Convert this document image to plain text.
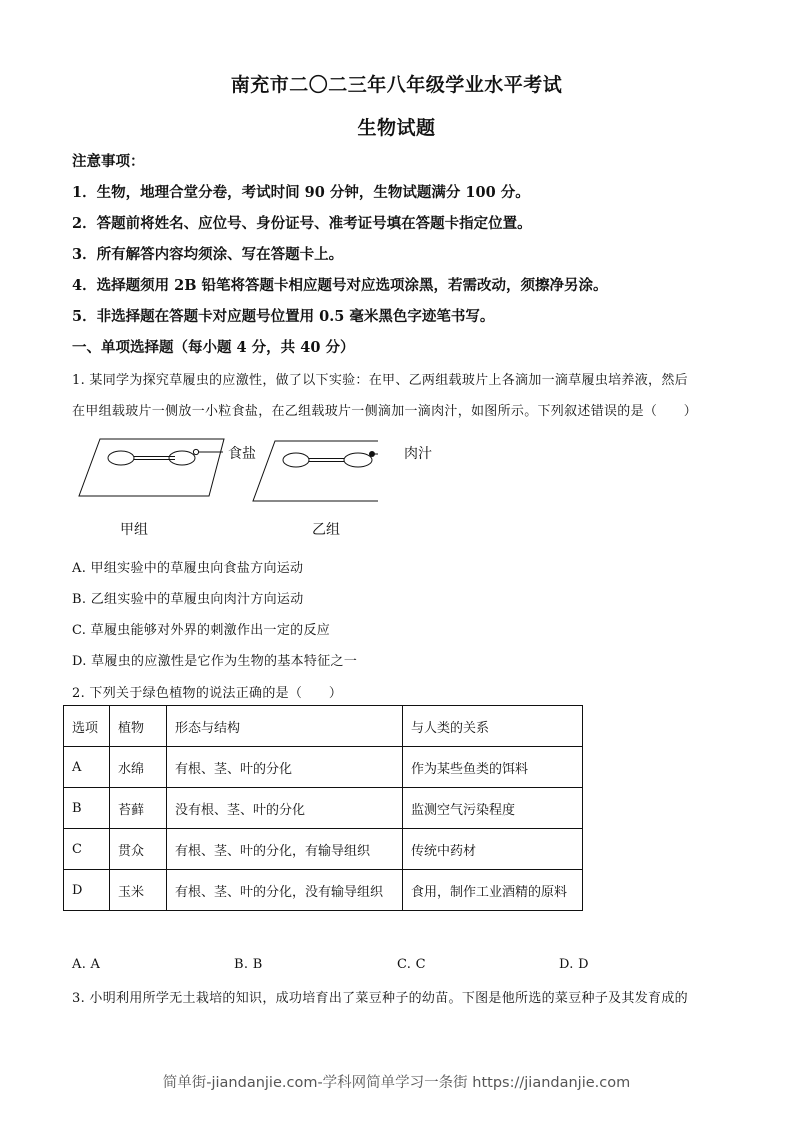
南充市二〇二三年八年级学业水平考试
生物试题
注意事项：
1．生物，地理合堂分卷，考试时间 90 分钟，生物试题满分 100 分。
2．答题前将姓名、应位号、身份证号、准考证号填在答题卡指定位置。
3．所有解答内容均须涂、写在答题卡上。
4．选择题须用 2B 铅笔将答题卡相应题号对应选项涂黑，若需改动，须擦净另涂。
5．非选择题在答题卡对应题号位置用 0.5 毫米黑色字迹笔书写。
一、单项选择题（每小题 4 分，共 40 分）
1. 某同学为探究草履虫的应激性，做了以下实验：在甲、乙两组载玻片上各滴加一滴草履虫培养液，然后
在甲组载玻片一侧放一小粒食盐，在乙组载玻片一侧滴加一滴肉汁，如图所示。下列叙述错误的是（　　）
食盐	肉汁
甲组	乙组
A. 甲组实验中的草履虫向食盐方向运动
B. 乙组实验中的草履虫向肉汁方向运动
C. 草履虫能够对外界的刺激作出一定的反应
D. 草履虫的应激性是它作为生物的基本特征之一
2. 下列关于绿色植物的说法正确的是（　　）
选项	植物	形态与结构	与人类的关系
A	水绵	有根、茎、叶的分化	作为某些鱼类的饵料
B	苔藓	没有根、茎、叶的分化	监测空气污染程度
C	贯众	有根、茎、叶的分化，有输导组织	传统中药材
D	玉米	有根、茎、叶的分化，没有输导组织	食用，制作工业酒精的原料
A. A	B. B	C. C	D. D
3. 小明利用所学无土栽培的知识，成功培育出了菜豆种子的幼苗。下图是他所选的菜豆种子及其发育成的
简单街-jiandanjie.com-学科网简单学习一条街 https://jiandanjie.com
